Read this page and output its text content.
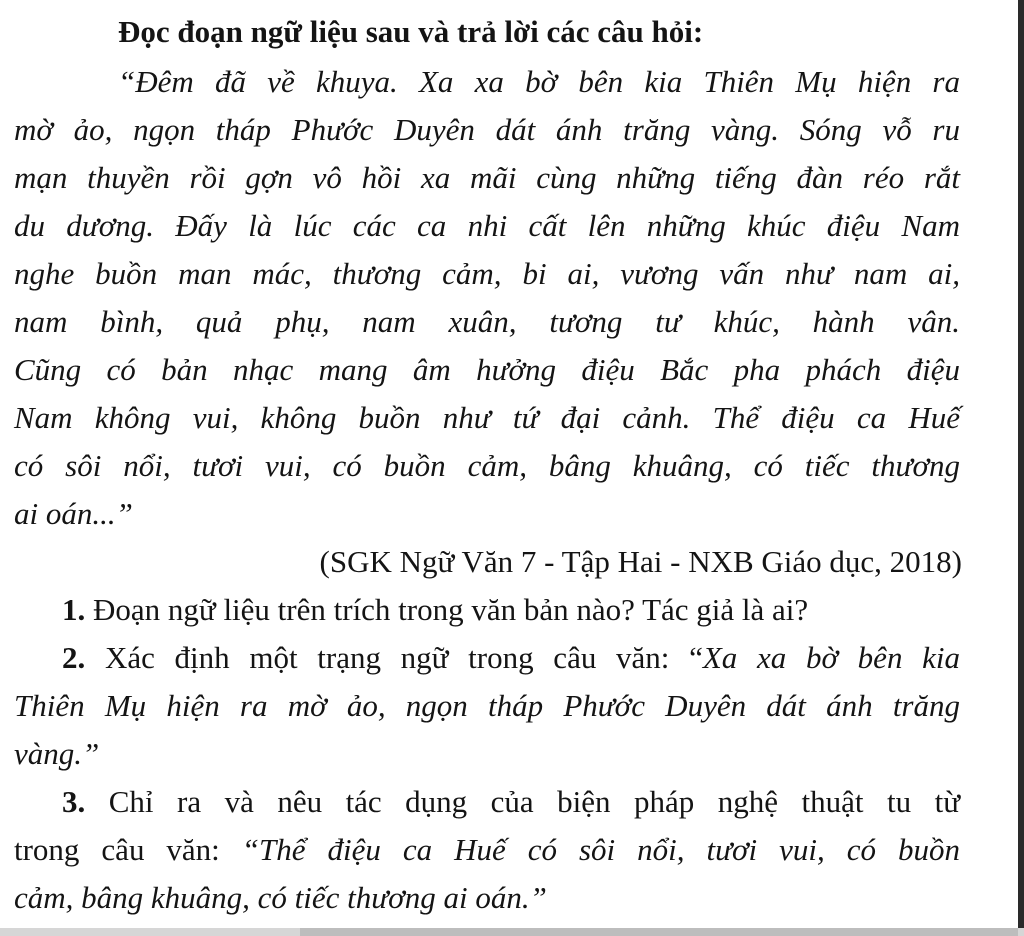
Đọc đoạn ngữ liệu sau và trả lời các câu hỏi:
“Đêm đã về khuya. Xa xa bờ bên kia Thiên Mụ hiện ra
mờ ảo, ngọn tháp Phước Duyên dát ánh trăng vàng. Sóng vỗ ru
mạn thuyền rồi gợn vô hồi xa mãi cùng những tiếng đàn réo rắt
du dương. Đấy là lúc các ca nhi cất lên những khúc điệu Nam
nghe buồn man mác, thương cảm, bi ai, vương vấn như nam ai,
nam bình, quả phụ, nam xuân, tương tư khúc, hành vân.
Cũng có bản nhạc mang âm hưởng điệu Bắc pha phách điệu
Nam không vui, không buồn như tứ đại cảnh. Thể điệu ca Huế
có sôi nổi, tươi vui, có buồn cảm, bâng khuâng, có tiếc thương
ai oán...”
(SGK Ngữ Văn 7 - Tập Hai - NXB Giáo dục, 2018)
1. Đoạn ngữ liệu trên trích trong văn bản nào? Tác giả là ai?
2. Xác định một trạng ngữ trong câu văn: “Xa xa bờ bên kia
Thiên Mụ hiện ra mờ ảo, ngọn tháp Phước Duyên dát ánh trăng
vàng.”
3. Chỉ ra và nêu tác dụng của biện pháp nghệ thuật tu từ
trong câu văn: “Thể điệu ca Huế có sôi nổi, tươi vui, có buồn
cảm, bâng khuâng, có tiếc thương ai oán.”
